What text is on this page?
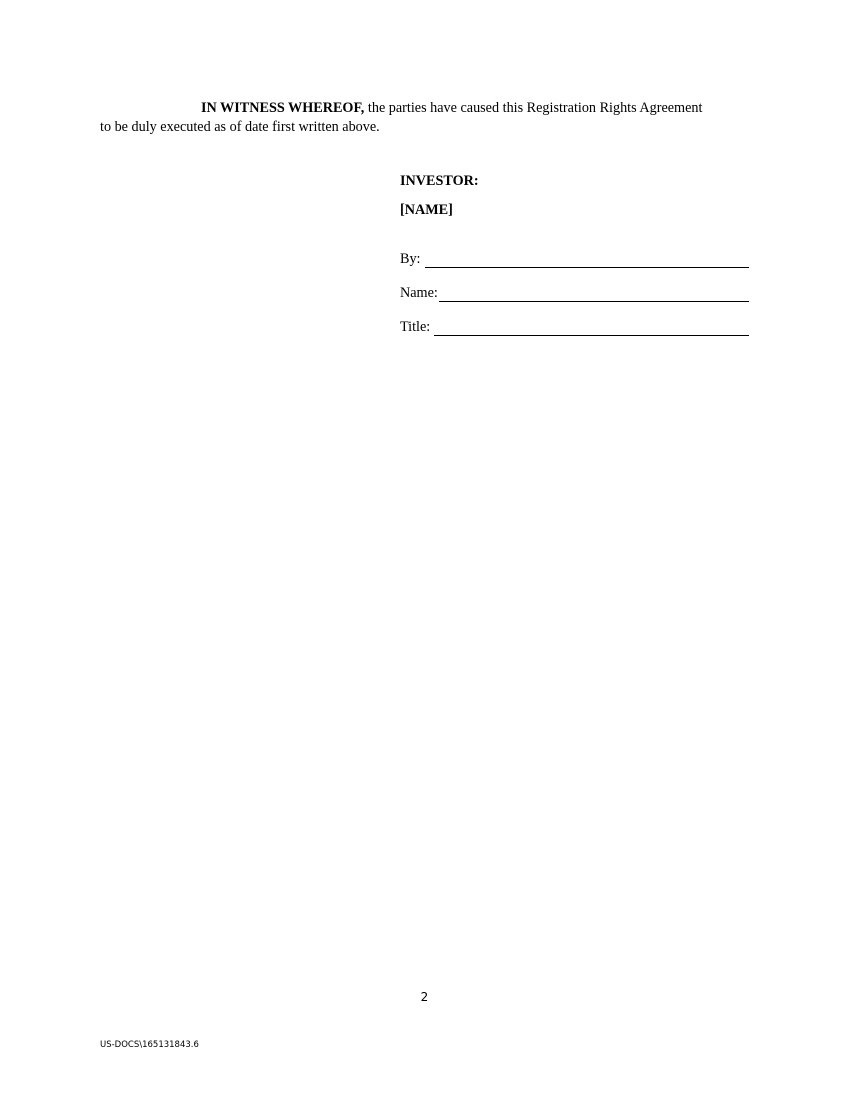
IN WITNESS WHEREOF, the parties have caused this Registration Rights Agreement
to be duly executed as of date first written above.

INVESTOR:

[NAME]

By:
Name:
Title:
2
US-DOCS\165131843.6
